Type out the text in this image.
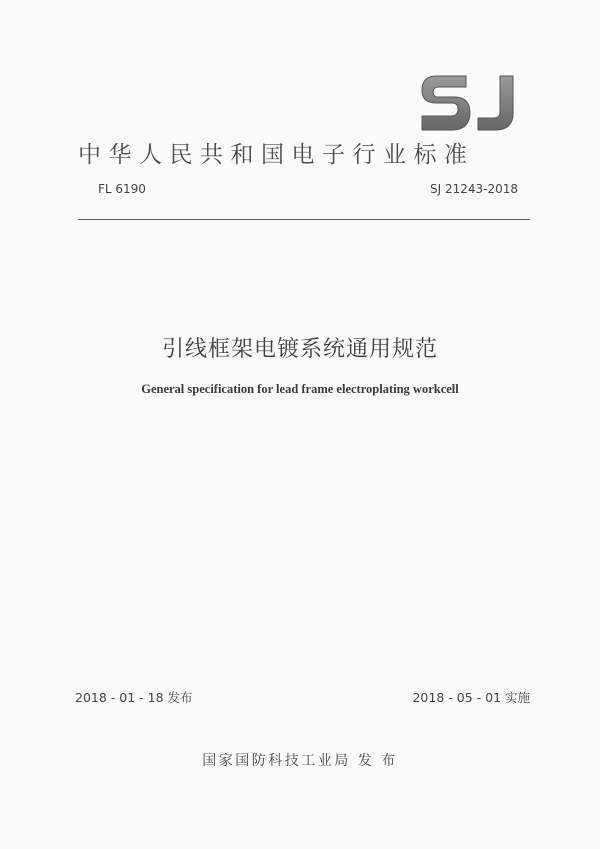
中华人民共和国电子行业标准
FL 6190	SJ 21243-2018
引线框架电镀系统通用规范
General specification for lead frame electroplating workcell
2018 - 01 - 18 发布	2018 - 05 - 01 实施
国家国防科技工业局 发 布
